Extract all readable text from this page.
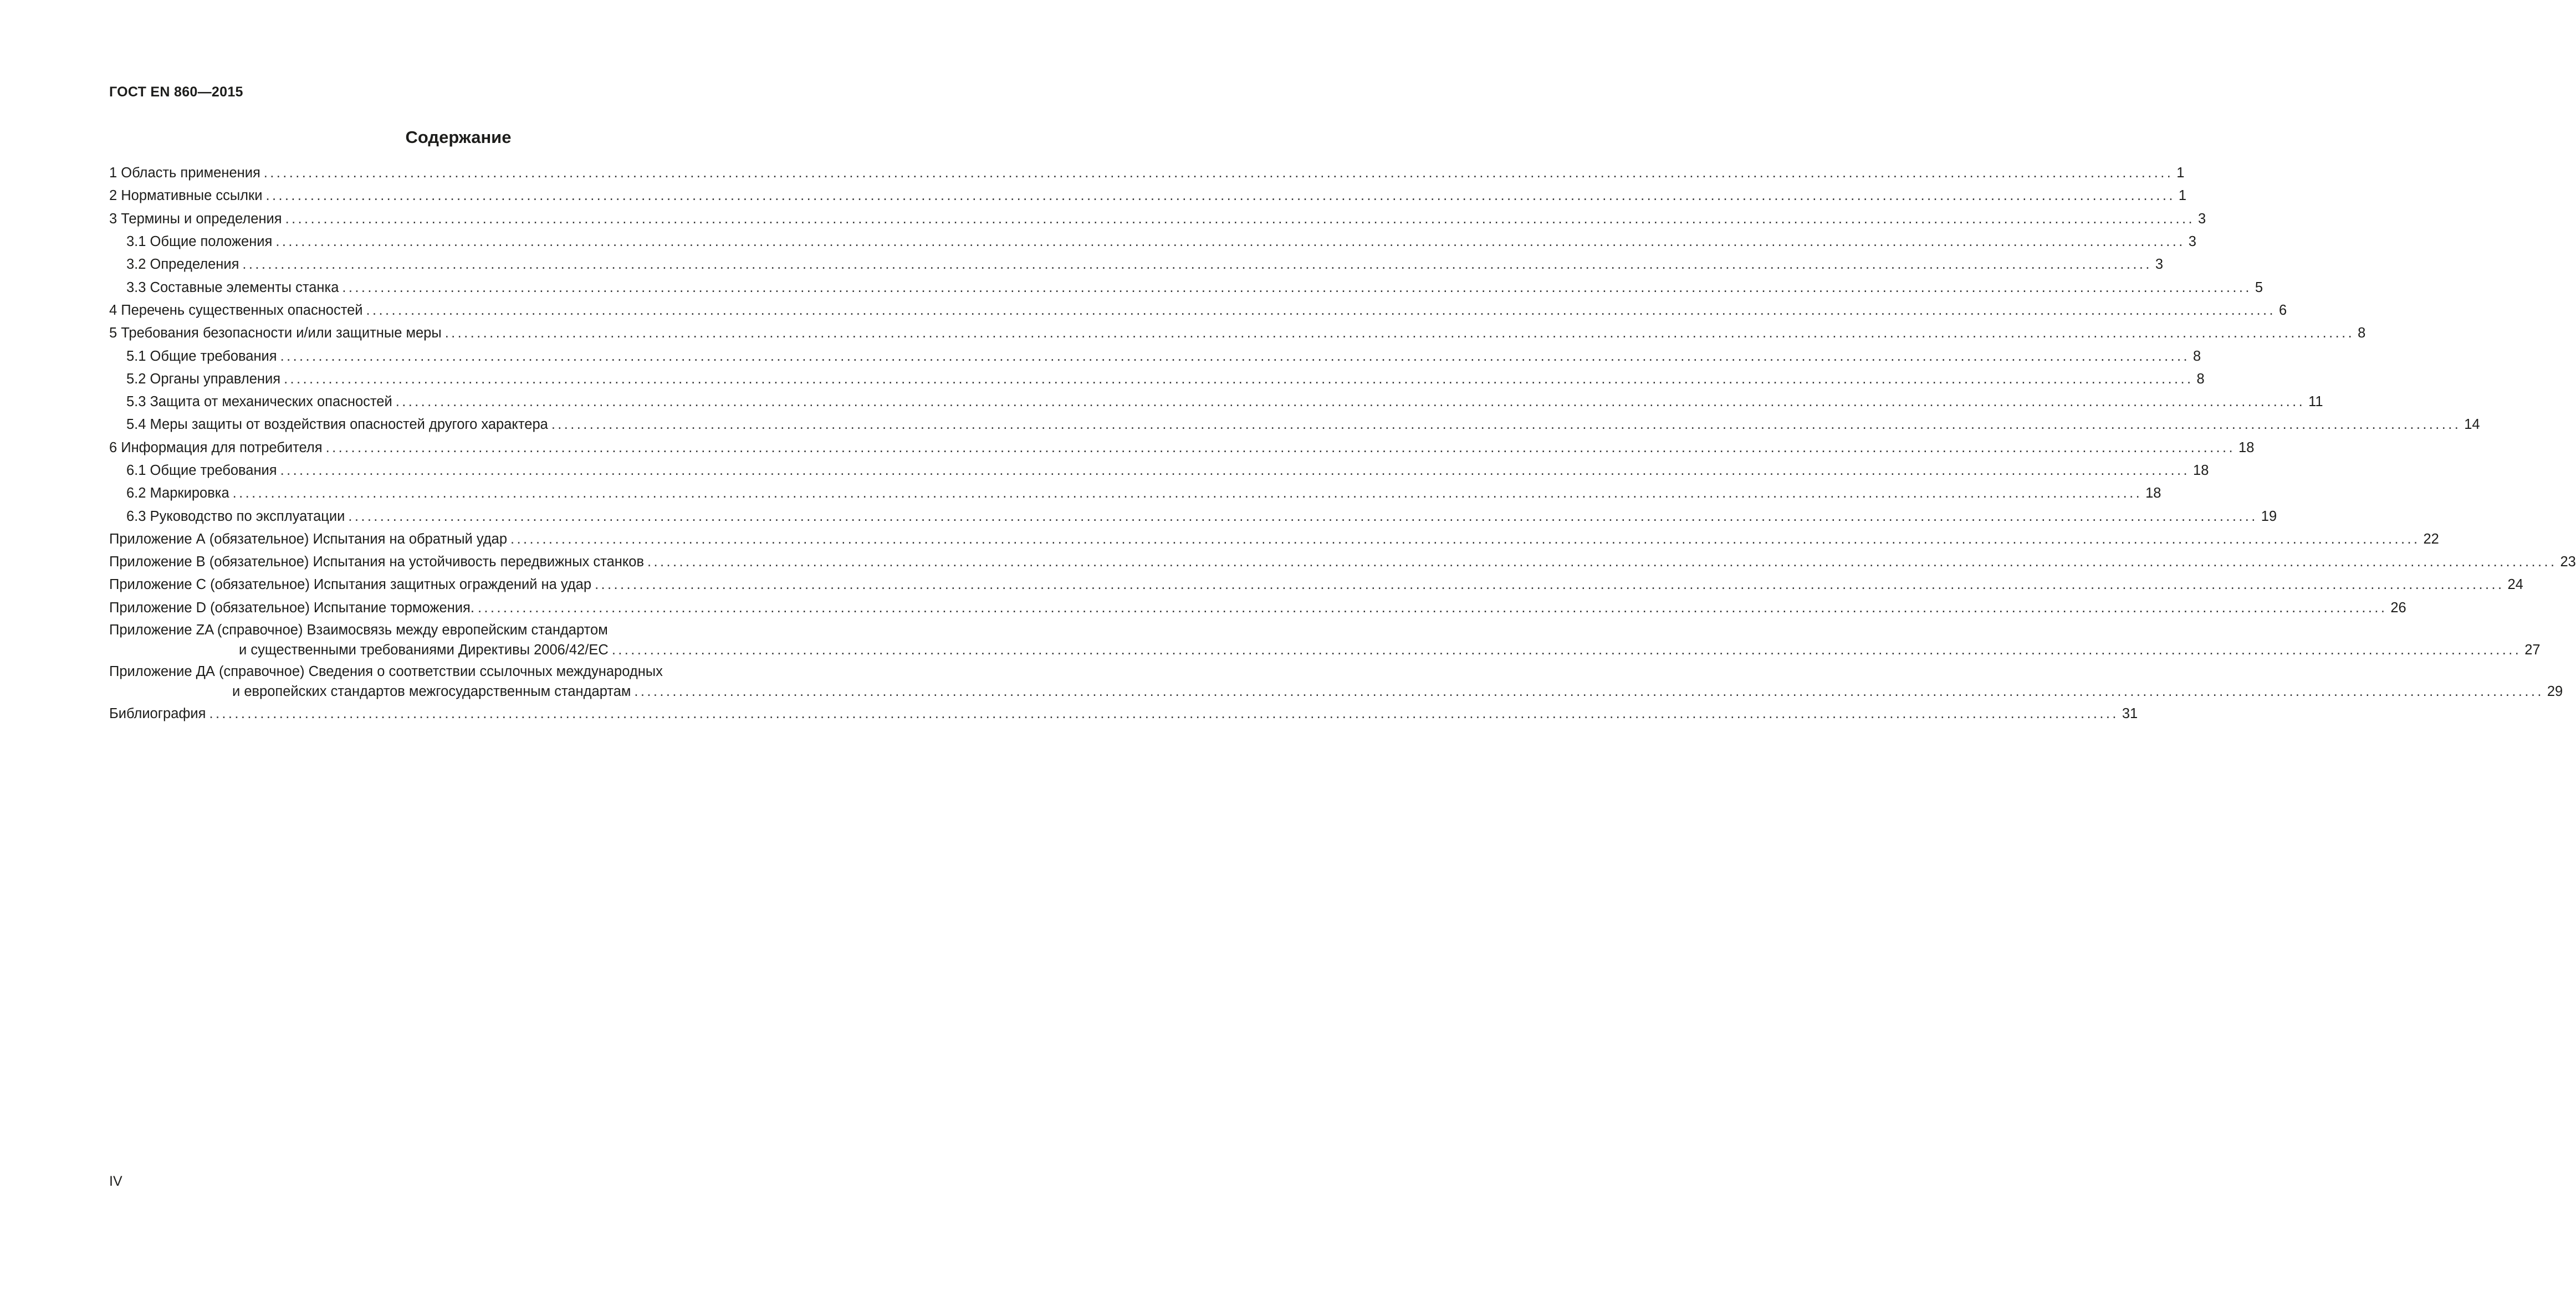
ГОСТ EN 860—2015
Содержание
1 Область применения ............................................................................................................................................................................................................................................................................................................ 1
2 Нормативные ссылки ............................................................................................................................................................................................................................................................................................................ 1
3 Термины и определения ............................................................................................................................................................................................................................................................................................................ 3
3.1 Общие положения ............................................................................................................................................................................................................................................................................................................ 3
3.2 Определения ............................................................................................................................................................................................................................................................................................................ 3
3.3 Составные элементы станка ............................................................................................................................................................................................................................................................................................................ 5
4 Перечень существенных опасностей ............................................................................................................................................................................................................................................................................................................ 6
5 Требования безопасности и/или защитные меры ............................................................................................................................................................................................................................................................................................................ 8
5.1 Общие требования ............................................................................................................................................................................................................................................................................................................ 8
5.2 Органы управления ............................................................................................................................................................................................................................................................................................................ 8
5.3 Защита от механических опасностей ............................................................................................................................................................................................................................................................................................................ 11
5.4 Меры защиты от воздействия опасностей другого характера ............................................................................................................................................................................................................................................................................................................ 14
6 Информация для потребителя ............................................................................................................................................................................................................................................................................................................ 18
6.1 Общие требования ............................................................................................................................................................................................................................................................................................................ 18
6.2 Маркировка ............................................................................................................................................................................................................................................................................................................ 18
6.3 Руководство по эксплуатации ............................................................................................................................................................................................................................................................................................................ 19
Приложение А (обязательное) Испытания на обратный удар ............................................................................................................................................................................................................................................................................................................ 22
Приложение В (обязательное) Испытания на устойчивость передвижных станков ............................................................................................................................................................................................................................................................................................................ 23
Приложение С (обязательное) Испытания защитных ограждений на удар ............................................................................................................................................................................................................................................................................................................ 24
Приложение D (обязательное) Испытание торможения. ............................................................................................................................................................................................................................................................................................................ 26
Приложение ZA (справочное) Взаимосвязь между европейским стандартом
и существенными требованиями Директивы 2006/42/ЕС ............................................................................................................................................................................................................................................................................................................ 27
Приложение ДА (справочное) Сведения о соответствии ссылочных международных
и европейских стандартов межгосударственным стандартам ............................................................................................................................................................................................................................................................................................................ 29
Библиография ............................................................................................................................................................................................................................................................................................................ 31
IV
